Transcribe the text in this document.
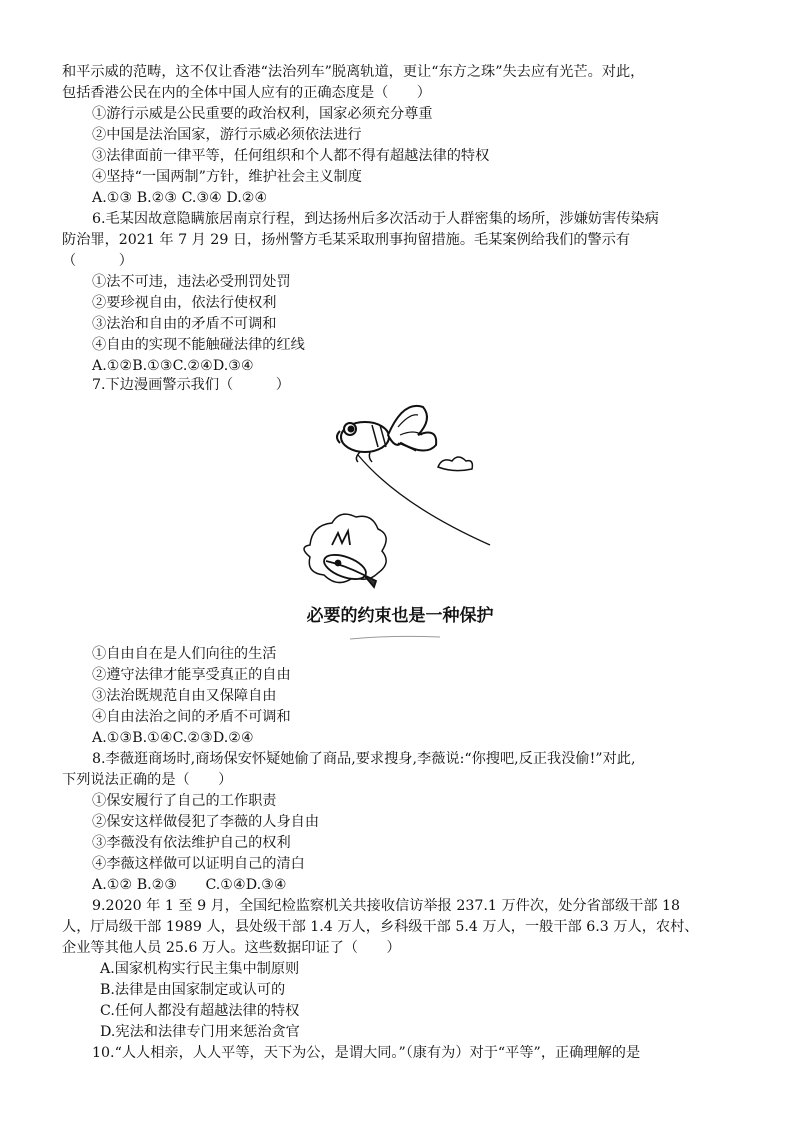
和平示威的范畴，这不仅让香港“法治列车”脱离轨道，更让“东方之珠”失去应有光芒。对此，
包括香港公民在内的全体中国人应有的正确态度是（　　）
①游行示威是公民重要的政治权利，国家必须充分尊重
②中国是法治国家，游行示威必须依法进行
③法律面前一律平等，任何组织和个人都不得有超越法律的特权
④坚持“一国两制”方针，维护社会主义制度
A.①③ B.②③ C.③④ D.②④
6.毛某因故意隐瞒旅居南京行程，到达扬州后多次活动于人群密集的场所，涉嫌妨害传染病
防治罪，2021 年 7 月 29 日，扬州警方毛某采取刑事拘留措施。毛某案例给我们的警示有
（　　　）
①法不可违，违法必受刑罚处罚
②要珍视自由，依法行使权利
③法治和自由的矛盾不可调和
④自由的实现不能触碰法律的红线
A.①②B.①③C.②④D.③④
7.下边漫画警示我们（　　　）
必要的约束也是一种保护
①自由自在是人们向往的生活
②遵守法律才能享受真正的自由
③法治既规范自由又保障自由
④自由法治之间的矛盾不可调和
A.①③B.①④C.②③D.②④
8.李薇逛商场时,商场保安怀疑她偷了商品,要求搜身,李薇说:“你搜吧,反正我没偷!”对此,
下列说法正确的是（　　）
①保安履行了自己的工作职责
②保安这样做侵犯了李薇的人身自由
③李薇没有依法维护自己的权利
④李薇这样做可以证明自己的清白
A.①② B.②③　　C.①④D.③④
9.2020 年 1 至 9 月，全国纪检监察机关共接收信访举报 237.1 万件次，处分省部级干部 18
人，厅局级干部 1989 人，县处级干部 1.4 万人，乡科级干部 5.4 万人，一般干部 6.3 万人，农村、
企业等其他人员 25.6 万人。这些数据印证了（　　）
A.国家机构实行民主集中制原则
B.法律是由国家制定或认可的
C.任何人都没有超越法律的特权
D.宪法和法律专门用来惩治贪官
10.“人人相亲，人人平等，天下为公，是谓大同。”（康有为）对于“平等”，正确理解的是
